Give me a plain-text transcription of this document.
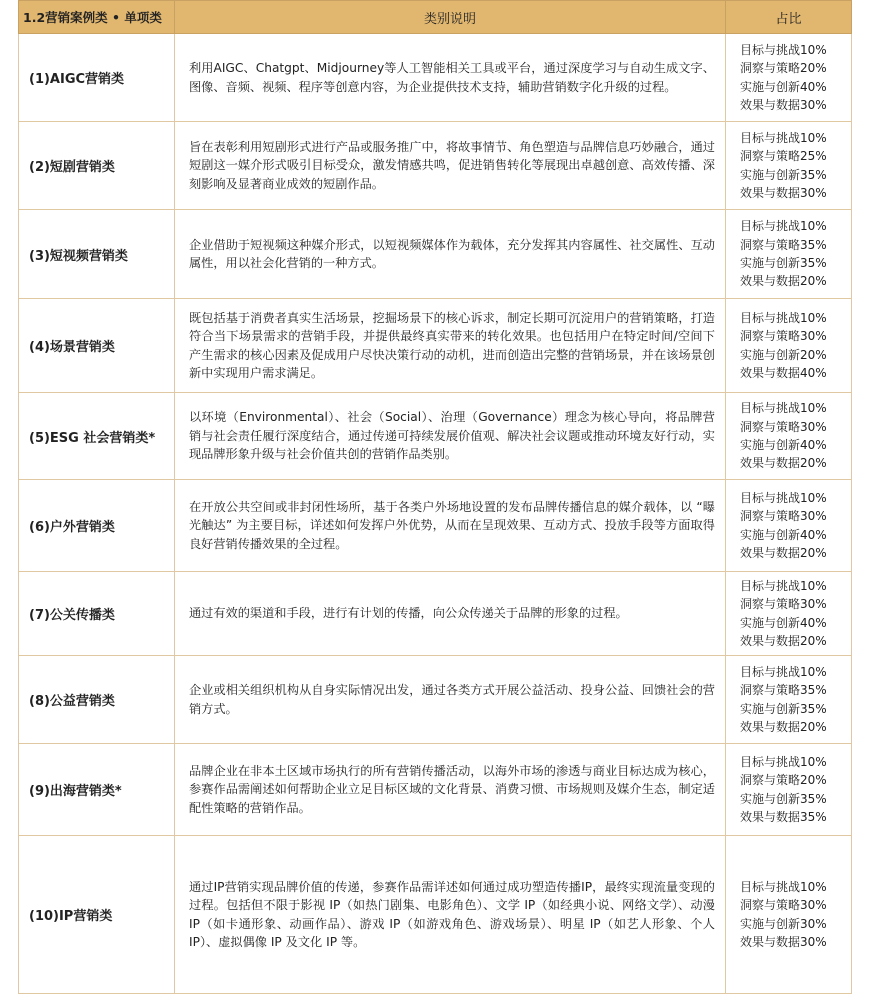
1.2营销案例类 • 单项类	类别说明	占比
(1)AIGC营销类	利用AIGC、Chatgpt、Midjourney等人工智能相关工具或平台，通过深度学习与自动生成文字、图像、音频、视频、程序等创意内容，为企业提供技术支持，辅助营销数字化升级的过程。	目标与挑战10%
洞察与策略20%
实施与创新40%
效果与数据30%

(2)短剧营销类	旨在表彰利用短剧形式进行产品或服务推广中，将故事情节、角色塑造与品牌信息巧妙融合，通过短剧这一媒介形式吸引目标受众，激发情感共鸣，促进销售转化等展现出卓越创意、高效传播、深刻影响及显著商业成效的短剧作品。	目标与挑战10%
洞察与策略25%
实施与创新35%
效果与数据30%

(3)短视频营销类	企业借助于短视频这种媒介形式，以短视频媒体作为载体，充分发挥其内容属性、社交属性、互动属性，用以社会化营销的一种方式。	目标与挑战10%
洞察与策略35%
实施与创新35%
效果与数据20%

(4)场景营销类	既包括基于消费者真实生活场景，挖掘场景下的核心诉求，制定长期可沉淀用户的营销策略，打造符合当下场景需求的营销手段，并提供最终真实带来的转化效果。也包括用户在特定时间/空间下产生需求的核心因素及促成用户尽快决策行动的动机，进而创造出完整的营销场景，并在该场景创新中实现用户需求满足。	目标与挑战10%
洞察与策略30%
实施与创新20%
效果与数据40%

(5)ESG 社会营销类*	以环境（Environmental）、社会（Social）、治理（Governance）理念为核心导向，将品牌营销与社会责任履行深度结合，通过传递可持续发展价值观、解决社会议题或推动环境友好行动，实现品牌形象升级与社会价值共创的营销作品类别。	目标与挑战10%
洞察与策略30%
实施与创新40%
效果与数据20%

(6)户外营销类	在开放公共空间或非封闭性场所，基于各类户外场地设置的发布品牌传播信息的媒介载体，以 “曝光触达” 为主要目标，详述如何发挥户外优势，从而在呈现效果、互动方式、投放手段等方面取得良好营销传播效果的全过程。	目标与挑战10%
洞察与策略30%
实施与创新40%
效果与数据20%

(7)公关传播类	通过有效的渠道和手段，进行有计划的传播，向公众传递关于品牌的形象的过程。	目标与挑战10%
洞察与策略30%
实施与创新40%
效果与数据20%

(8)公益营销类	企业或相关组织机构从自身实际情况出发，通过各类方式开展公益活动、投身公益、回馈社会的营销方式。	目标与挑战10%
洞察与策略35%
实施与创新35%
效果与数据20%

(9)出海营销类*	品牌企业在非本土区域市场执行的所有营销传播活动，以海外市场的渗透与商业目标达成为核心，参赛作品需阐述如何帮助企业立足目标区域的文化背景、消费习惯、市场规则及媒介生态，制定适配性策略的营销作品。	目标与挑战10%
洞察与策略20%
实施与创新35%
效果与数据35%

(10)IP营销类	通过IP营销实现品牌价值的传递，参赛作品需详述如何通过成功塑造传播IP，最终实现流量变现的过程。包括但不限于影视 IP（如热门剧集、电影角色）、文学 IP（如经典小说、网络文学）、动漫 IP（如卡通形象、动画作品）、游戏 IP（如游戏角色、游戏场景）、明星 IP（如艺人形象、个人 IP）、虚拟偶像 IP 及文化 IP 等。	目标与挑战10%
洞察与策略30%
实施与创新30%
效果与数据30%
